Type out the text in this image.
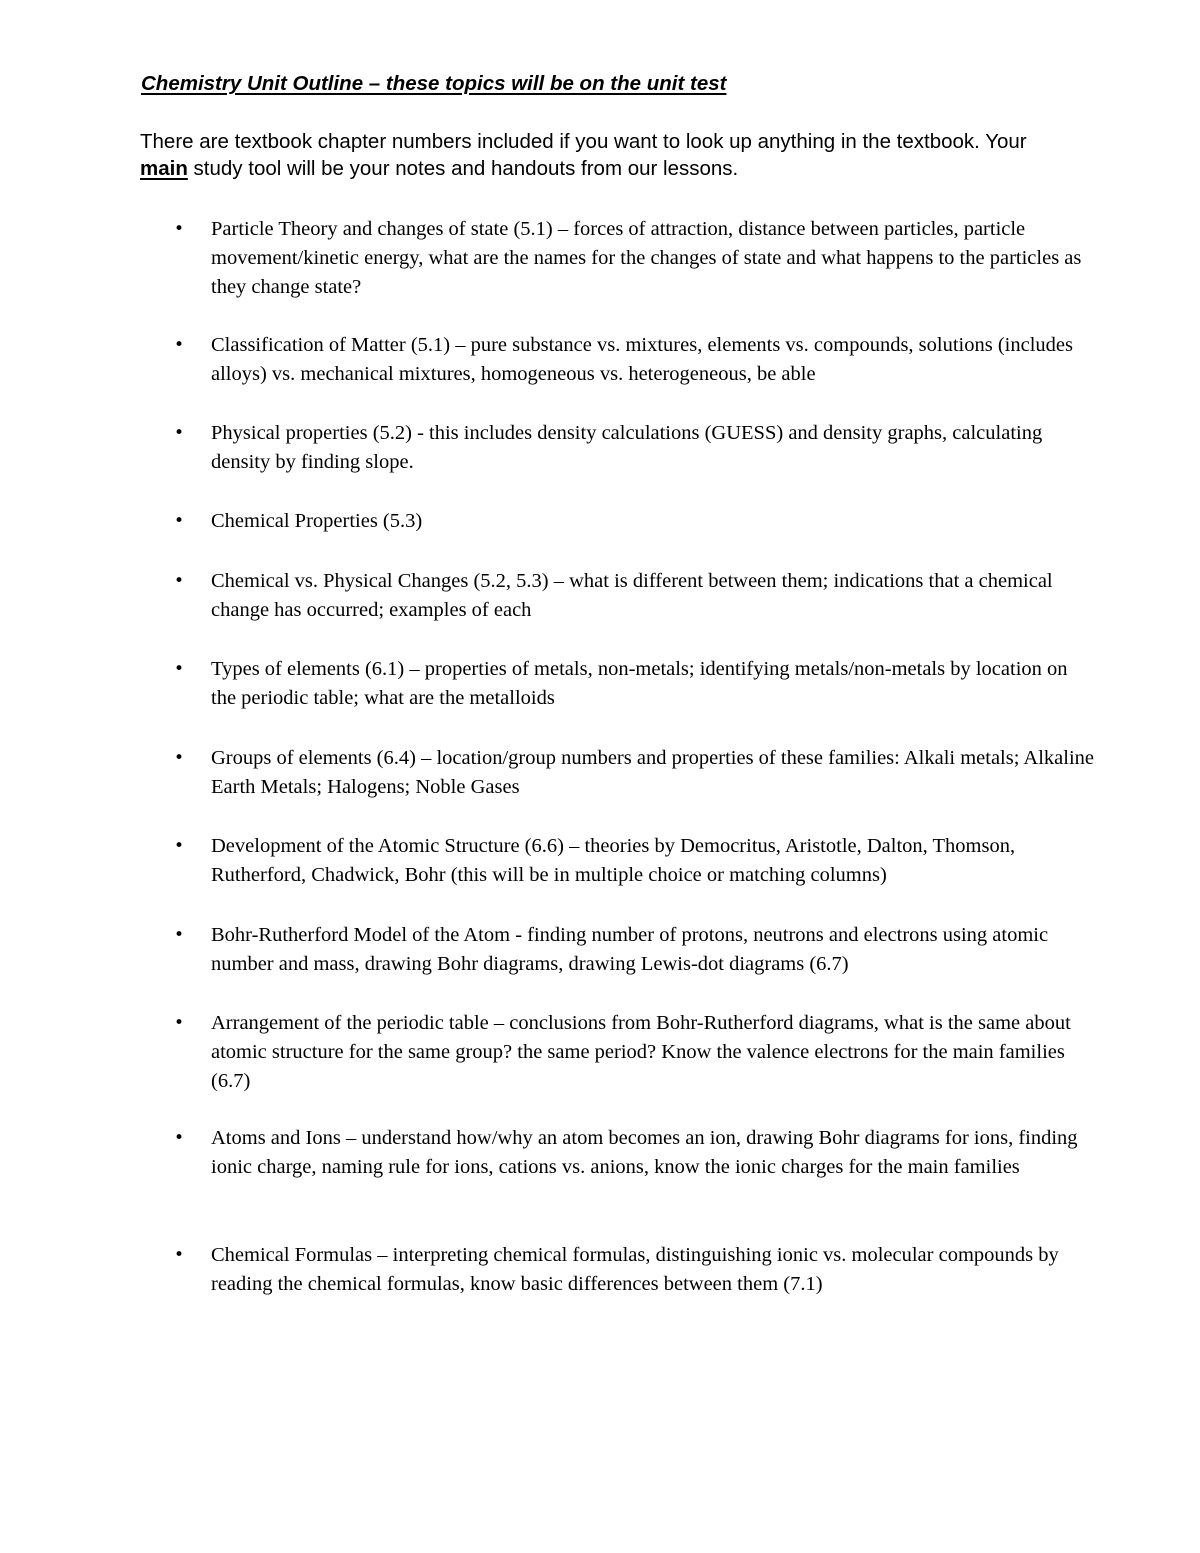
Chemistry Unit Outline – these topics will be on the unit test

There are textbook chapter numbers included if you want to look up anything in the textbook. Your main study tool will be your notes and handouts from our lessons.

• Particle Theory and changes of state (5.1) – forces of attraction, distance between particles, particle movement/kinetic energy, what are the names for the changes of state and what happens to the particles as they change state?
• Classification of Matter (5.1) – pure substance vs. mixtures, elements vs. compounds, solutions (includes alloys) vs. mechanical mixtures, homogeneous vs. heterogeneous, be able
• Physical properties (5.2) - this includes density calculations (GUESS) and density graphs, calculating density by finding slope.
• Chemical Properties (5.3)
• Chemical vs. Physical Changes (5.2, 5.3) – what is different between them; indications that a chemical change has occurred; examples of each
• Types of elements (6.1) – properties of metals, non-metals; identifying metals/non-metals by location on the periodic table; what are the metalloids
• Groups of elements (6.4) – location/group numbers and properties of these families: Alkali metals; Alkaline Earth Metals; Halogens; Noble Gases
• Development of the Atomic Structure (6.6) – theories by Democritus, Aristotle, Dalton, Thomson, Rutherford, Chadwick, Bohr (this will be in multiple choice or matching columns)
• Bohr-Rutherford Model of the Atom - finding number of protons, neutrons and electrons using atomic number and mass, drawing Bohr diagrams, drawing Lewis-dot diagrams (6.7)
• Arrangement of the periodic table – conclusions from Bohr-Rutherford diagrams, what is the same about atomic structure for the same group? the same period? Know the valence electrons for the main families (6.7)
• Atoms and Ions – understand how/why an atom becomes an ion, drawing Bohr diagrams for ions, finding ionic charge, naming rule for ions, cations vs. anions, know the ionic charges for the main families
• Chemical Formulas – interpreting chemical formulas, distinguishing ionic vs. molecular compounds by reading the chemical formulas, know basic differences between them (7.1)
